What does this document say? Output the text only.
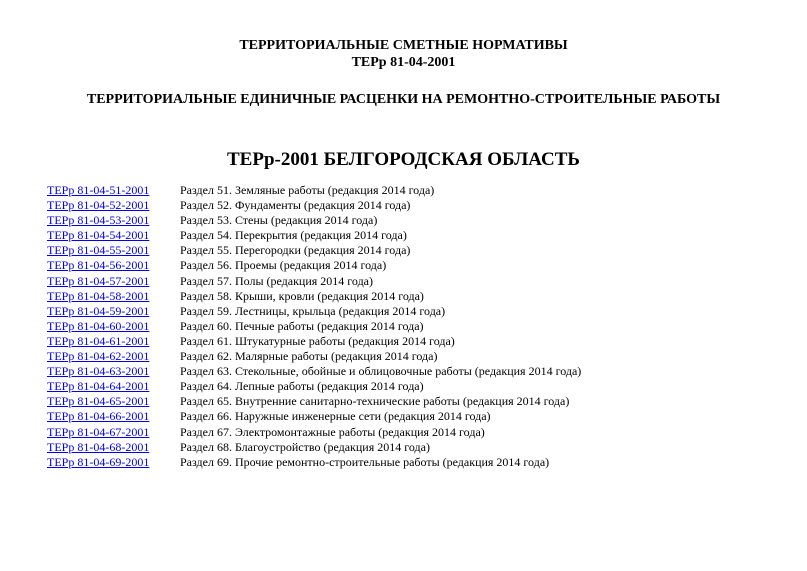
ТЕРРИТОРИАЛЬНЫЕ СМЕТНЫЕ НОРМАТИВЫ

ТЕРр 81-04-2001

ТЕРРИТОРИАЛЬНЫЕ ЕДИНИЧНЫЕ РАСЦЕНКИ НА РЕМОНТНО-СТРОИТЕЛЬНЫЕ РАБОТЫ

ТЕРр-2001 БЕЛГОРОДСКАЯ ОБЛАСТЬ

ТЕРр 81-04-51-2001	Раздел 51. Земляные работы (редакция 2014 года)
ТЕРр 81-04-52-2001	Раздел 52. Фундаменты (редакция 2014 года)
ТЕРр 81-04-53-2001	Раздел 53. Стены (редакция 2014 года)
ТЕРр 81-04-54-2001	Раздел 54. Перекрытия (редакция 2014 года)
ТЕРр 81-04-55-2001	Раздел 55. Перегородки (редакция 2014 года)
ТЕРр 81-04-56-2001	Раздел 56. Проемы (редакция 2014 года)
ТЕРр 81-04-57-2001	Раздел 57. Полы (редакция 2014 года)
ТЕРр 81-04-58-2001	Раздел 58. Крыши, кровли (редакция 2014 года)
ТЕРр 81-04-59-2001	Раздел 59. Лестницы, крыльца (редакция 2014 года)
ТЕРр 81-04-60-2001	Раздел 60. Печные работы (редакция 2014 года)
ТЕРр 81-04-61-2001	Раздел 61. Штукатурные работы (редакция 2014 года)
ТЕРр 81-04-62-2001	Раздел 62. Малярные работы (редакция 2014 года)
ТЕРр 81-04-63-2001	Раздел 63. Стекольные, обойные и облицовочные работы (редакция 2014 года)
ТЕРр 81-04-64-2001	Раздел 64. Лепные работы (редакция 2014 года)
ТЕРр 81-04-65-2001	Раздел 65. Внутренние санитарно-технические работы (редакция 2014 года)
ТЕРр 81-04-66-2001	Раздел 66. Наружные инженерные сети (редакция 2014 года)
ТЕРр 81-04-67-2001	Раздел 67. Электромонтажные работы (редакция 2014 года)
ТЕРр 81-04-68-2001	Раздел 68. Благоустройство (редакция 2014 года)
ТЕРр 81-04-69-2001	Раздел 69. Прочие ремонтно-строительные работы (редакция 2014 года)
